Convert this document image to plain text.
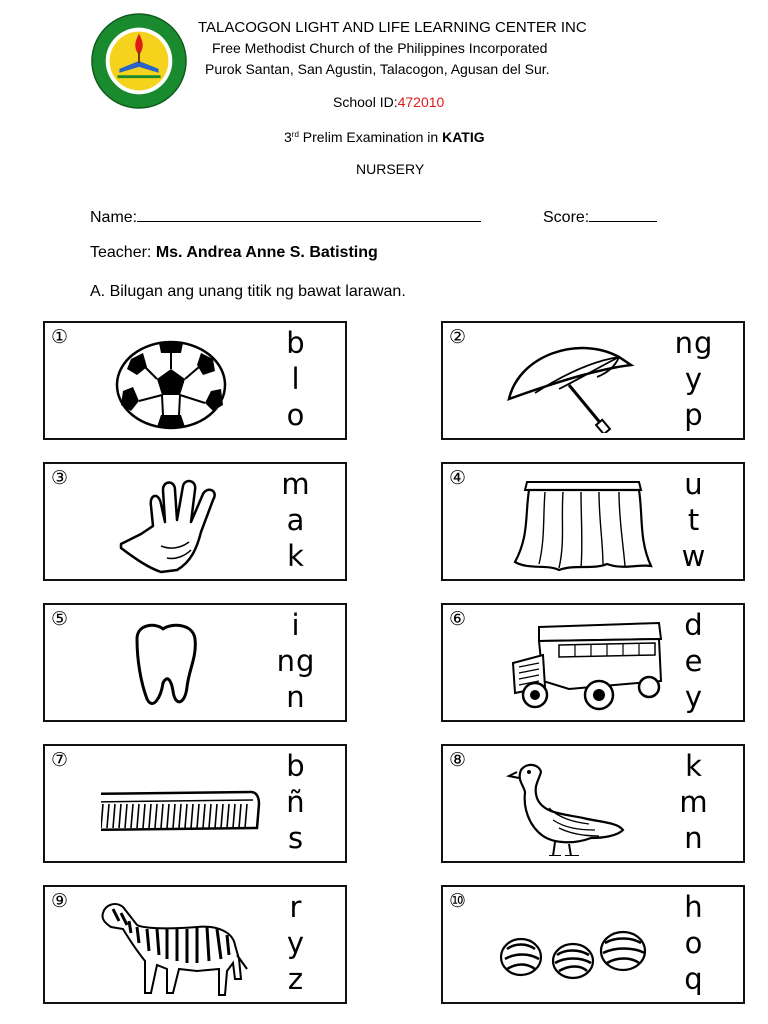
TALACOGON LIGHT AND LIFE LEARNING CENTER INC
Free Methodist Church of the Philippines Incorporated
Purok Santan, San Agustin, Talacogon, Agusan del Sur.
School ID:472010
3rd Prelim Examination in KATIG
NURSERY
Name:	Score:
Teacher: Ms. Andrea Anne S. Batisting
A. Bilugan ang unang titik ng bawat larawan.
①	b
l
o
②	ng
y
p
③	m
a
k
④	u
t
w
⑤	i
ng
n
⑥	d
e
y
⑦	b
ñ
s
⑧	k
m
n
⑨	r
y
z
⑩	h
o
q
